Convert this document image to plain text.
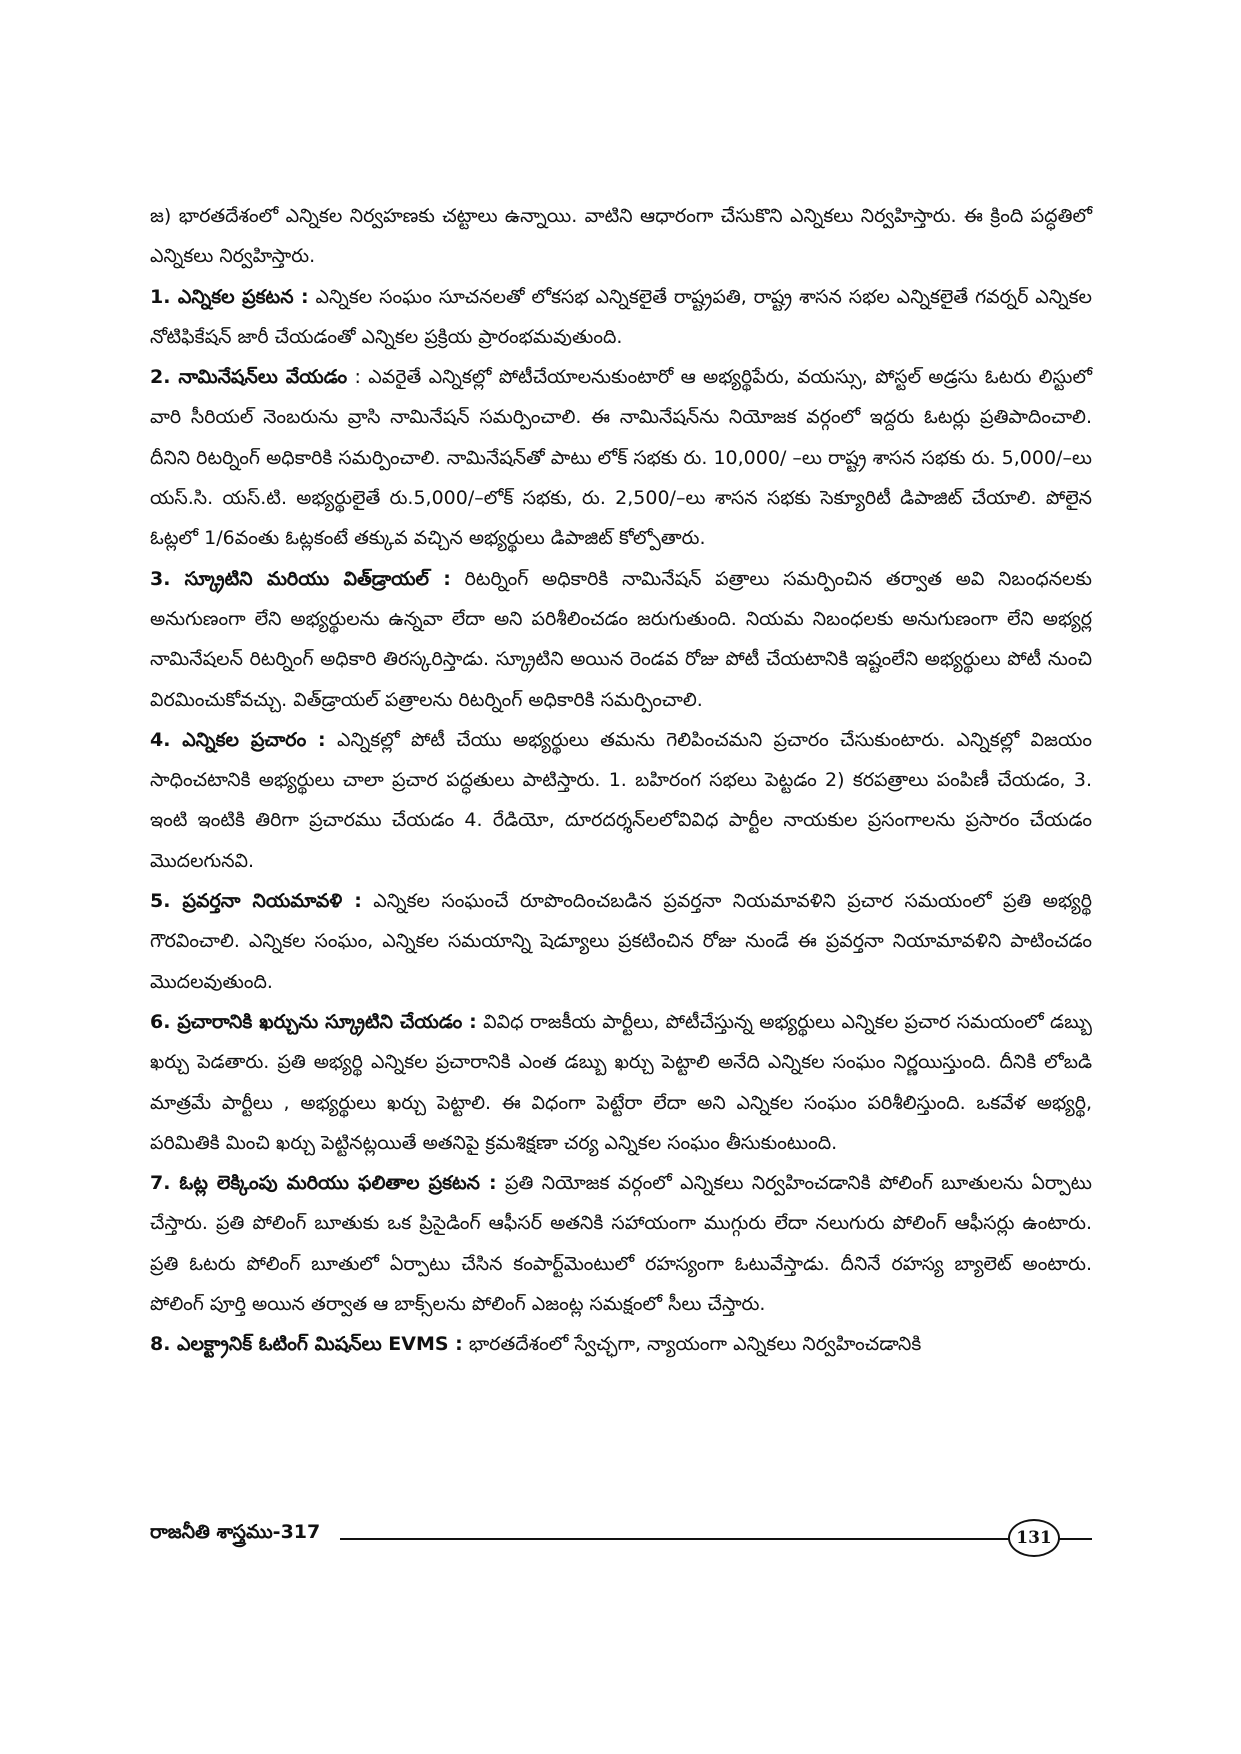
జ) భారతదేశంలో ఎన్నికల నిర్వహణకు చట్టాలు ఉన్నాయి. వాటిని ఆధారంగా చేసుకొని ఎన్నికలు నిర్వహిస్తారు. ఈ క్రింది పద్ధతిలో ఎన్నికలు నిర్వహిస్తారు.

1. ఎన్నికల ప్రకటన : ఎన్నికల సంఘం సూచనలతో లోకసభ ఎన్నికలైతే రాష్ట్రపతి, రాష్ట్ర శాసన సభల ఎన్నికలైతే గవర్నర్ ఎన్నికల నోటిఫికేషన్ జారీ చేయడంతో ఎన్నికల ప్రక్రియ ప్రారంభమవుతుంది.

2. నామినేషన్‌లు వేయడం : ఎవరైతే ఎన్నికల్లో పోటీచేయాలనుకుంటారో ఆ అభ్యర్థిపేరు, వయస్సు, పోస్టల్ అడ్రసు ఓటరు లిస్టులో వారి సీరియల్ నెంబరును వ్రాసి నామినేషన్ సమర్పించాలి. ఈ నామినేషన్‌ను నియోజక వర్గంలో ఇద్దరు ఓటర్లు ప్రతిపాదించాలి. దీనిని రిటర్నింగ్ అధికారికి సమర్పించాలి. నామినేషన్‌తో పాటు లోక్ సభకు రు. 10,000/ –లు రాష్ట్ర శాసన సభకు రు. 5,000/–లు యస్.సి. యస్.టి. అభ్యర్థులైతే రు.5,000/–లోక్ సభకు, రు. 2,500/–లు శాసన సభకు సెక్యూరిటీ డిపాజిట్ చేయాలి. పోలైన ఓట్లలో 1/6వంతు ఓట్లకంటే తక్కువ వచ్చిన అభ్యర్థులు డిపాజిట్ కోల్పోతారు.

3. స్క్రూటిని మరియు విత్‌డ్రాయల్ : రిటర్నింగ్ అధికారికి నామినేషన్ పత్రాలు సమర్పించిన తర్వాత అవి నిబంధనలకు అనుగుణంగా లేని అభ్యర్థులను ఉన్నవా లేదా అని పరిశీలించడం జరుగుతుంది. నియమ నిబంధలకు అనుగుణంగా లేని అభ్యర్ల నామినేషలన్ రిటర్నింగ్ అధికారి తిరస్కరిస్తాడు. స్క్రూటిని అయిన రెండవ రోజు పోటీ చేయటానికి ఇష్టంలేని అభ్యర్థులు పోటీ నుంచి విరమించుకోవచ్చు. విత్‌డ్రాయల్ పత్రాలను రిటర్నింగ్ అధికారికి సమర్పించాలి.

4. ఎన్నికల ప్రచారం : ఎన్నికల్లో పోటీ చేయు అభ్యర్థులు తమను గెలిపించమని ప్రచారం చేసుకుంటారు. ఎన్నికల్లో విజయం సాధించటానికి అభ్యర్థులు చాలా ప్రచార పద్ధతులు పాటిస్తారు. 1. బహిరంగ సభలు పెట్టడం 2) కరపత్రాలు పంపిణీ చేయడం, 3. ఇంటి ఇంటికి తిరిగా ప్రచారము చేయడం 4. రేడియో, దూరదర్శన్‌లలోవివిధ పార్టీల నాయకుల ప్రసంగాలను ప్రసారం చేయడం మొదలగునవి.

5. ప్రవర్తనా నియమావళి : ఎన్నికల సంఘంచే రూపొందించబడిన ప్రవర్తనా నియమావళిని ప్రచార సమయంలో ప్రతి అభ్యర్థి గౌరవించాలి. ఎన్నికల సంఘం, ఎన్నికల సమయాన్ని షెడ్యూలు ప్రకటించిన రోజు నుండే ఈ ప్రవర్తనా నియామావళిని పాటించడం మొదలవుతుంది.

6. ప్రచారానికి ఖర్చును స్క్రూటిని చేయడం : వివిధ రాజకీయ పార్టీలు, పోటీచేస్తున్న అభ్యర్థులు ఎన్నికల ప్రచార సమయంలో డబ్బు ఖర్చు పెడతారు. ప్రతి అభ్యర్థి ఎన్నికల ప్రచారానికి ఎంత డబ్బు ఖర్చు పెట్టాలి అనేది ఎన్నికల సంఘం నిర్ణయిస్తుంది. దీనికి లోబడి మాత్రమే పార్టీలు , అభ్యర్థులు ఖర్చు పెట్టాలి. ఈ విధంగా పెట్టేరా లేదా అని ఎన్నికల సంఘం పరిశీలిస్తుంది. ఒకవేళ అభ్యర్థి, పరిమితికి మించి ఖర్చు పెట్టినట్లయితే అతనిపై క్రమశిక్షణా చర్య ఎన్నికల సంఘం తీసుకుంటుంది.

7. ఓట్ల లెక్కింపు మరియు ఫలితాల ప్రకటన : ప్రతి నియోజక వర్గంలో ఎన్నికలు నిర్వహించడానికి పోలింగ్ బూతులను ఏర్పాటు చేస్తారు. ప్రతి పోలింగ్ బూతుకు ఒక ప్రిసైడింగ్ ఆఫీసర్ అతనికి సహాయంగా ముగ్గురు లేదా నలుగురు పోలింగ్ ఆఫీసర్లు ఉంటారు. ప్రతి ఓటరు పోలింగ్ బూతులో ఏర్పాటు చేసిన కంపార్ట్‌మెంటులో రహస్యంగా ఓటువేస్తాడు. దీనినే రహస్య బ్యాలెట్ అంటారు. పోలింగ్ పూర్తి అయిన తర్వాత ఆ బాక్స్‌లను పోలింగ్ ఎజంట్ల సమక్షంలో సీలు చేస్తారు.

8. ఎలక్ట్రానిక్ ఓటింగ్ మిషన్‌లు EVMS : భారతదేశంలో స్వేచ్ఛగా, న్యాయంగా ఎన్నికలు నిర్వహించడానికి

రాజనీతి శాస్త్రము-317	131
